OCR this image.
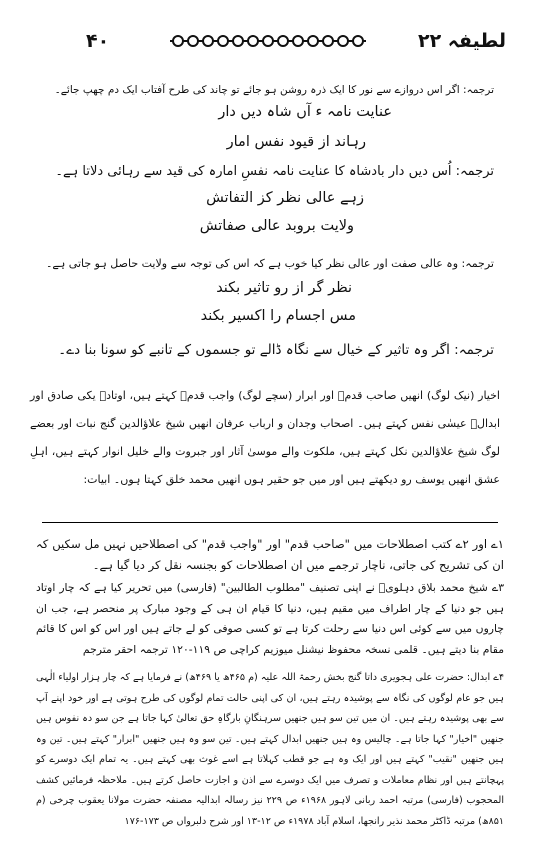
۴۰	لطیفہ ۲۲
ترجمہ: اگر اس دروازے سے نور کا ایک ذرہ روشن ہو جائے تو چاند کی طرح آفتاب ایک دم چھپ جائے۔
عنایت نامہ ء آں شاہ دیں دار
رہاند از قیود نفس امار
ترجمہ: اُس دیں دار بادشاہ کا عنایت نامہ نفسِ امارہ کی قید سے رہائی دلاتا ہے۔
زہے عالی نظر کز التفاتش
ولایت بروبد عالی صفاتش
ترجمہ: وہ عالی صفت اور عالی نظر کیا خوب ہے کہ اس کی توجہ سے ولایت حاصل ہو جاتی ہے۔
نظر گر از رو تاثیر بکند
مس اجسام را اکسیر بکند
ترجمہ: اگر وہ تاثیر کے خیال سے نگاہ ڈالے تو جسموں کے تانبے کو سونا بنا دے۔
اخیار (نیک لوگ) انھیں صاحب قدمؒ اور ابرار (سچے لوگ) واجب قدمؒ کہتے ہیں، اوتادؒ یکی صادق اور ابدالؒ عیسٰی نفس کہتے ہیں۔ اصحاب وجدان و ارباب عرفان انھیں شیخ علاؤالدین گنج نبات اور بعضے لوگ شیخ علاؤالدین نکل کہتے ہیں، ملکوت والے موسیٰ آثار اور جبروت والے خلیل انوار کہتے ہیں، اہلِ عشق انھیں یوسف رو دیکھتے ہیں اور میں جو حقیر ہوں انھیں محمد خلق کہتا ہوں۔ ابیات:
۱ے اور ۲ے کتب اصطلاحات میں "صاحب قدم" اور "واجب قدم" کی اصطلاحیں نہیں مل سکیں کہ ان کی تشریح کی جاتی، ناچار ترجمے میں ان اصطلاحات کو بجنسہ نقل کر دیا گیا ہے۔
۳ے شیخ محمد بلاق دہلویؒ نے اپنی تصنیف "مطلوب الطالبین" (فارسی) میں تحریر کیا ہے کہ چار اوتاد ہیں جو دنیا کے چار اطراف میں مقیم ہیں، دنیا کا قیام ان ہی کے وجود مبارک پر منحصر ہے، جب ان چاروں میں سے کوئی اس دنیا سے رحلت کرتا ہے تو کسی صوفی کو لے جاتے ہیں اور اس کو اس کا قائم مقام بنا دیتے ہیں۔ قلمی نسخہ محفوظ نیشنل میوزیم کراچی ص ۱۱۹-۱۲۰ ترجمہ احقر مترجم
۴ے ابدال: حضرت علی ہجویری داتا گنج بخش رحمۃ اللہ علیہ (م ۴۶۵ھ یا ۴۶۹ھ) نے فرمایا ہے کہ چار ہزار اولیاء الٰہی ہیں جو عام لوگوں کی نگاہ سے پوشیدہ رہتے ہیں، ان کی اپنی حالت تمام لوگوں کی طرح ہوتی ہے اور خود اپنے آپ سے بھی پوشیدہ رہتے ہیں۔ ان میں تین سو ہیں جنھیں سرہنگانِ بارگاہِ حق تعالیٰ کہا جاتا ہے جن سو دہ نفوس ہیں جنھیں "اخیار" کہا جاتا ہے۔ چالیس وہ ہیں جنھیں ابدال کہتے ہیں۔ تین سو وہ ہیں جنھیں "ابرار" کہتے ہیں۔ تین وہ ہیں جنھیں "نقیب" کہتے ہیں اور ایک وہ ہے جو قطب کہلاتا ہے اسے غوث بھی کہتے ہیں۔ یہ تمام ایک دوسرے کو پہچانتے ہیں اور نظام معاملات و تصرف میں ایک دوسرے سے اذن و اجازت حاصل کرتے ہیں۔ ملاحظہ فرمائیں کشف المحجوب (فارسی) مرتبہ احمد ربانی لاہور ۱۹۶۸ء ص ۲۲۹ نیز رسالہ ابدالیہ مصنفہ حضرت مولانا یعقوب چرخی (م ۸۵۱ھ) مرتبہ ڈاکٹر محمد نذیر رانجھا، اسلام آباد ۱۹۷۸ء ص ۱۲-۱۳ اور شرح دلبرواں ص ۱۷۳-۱۷۶
